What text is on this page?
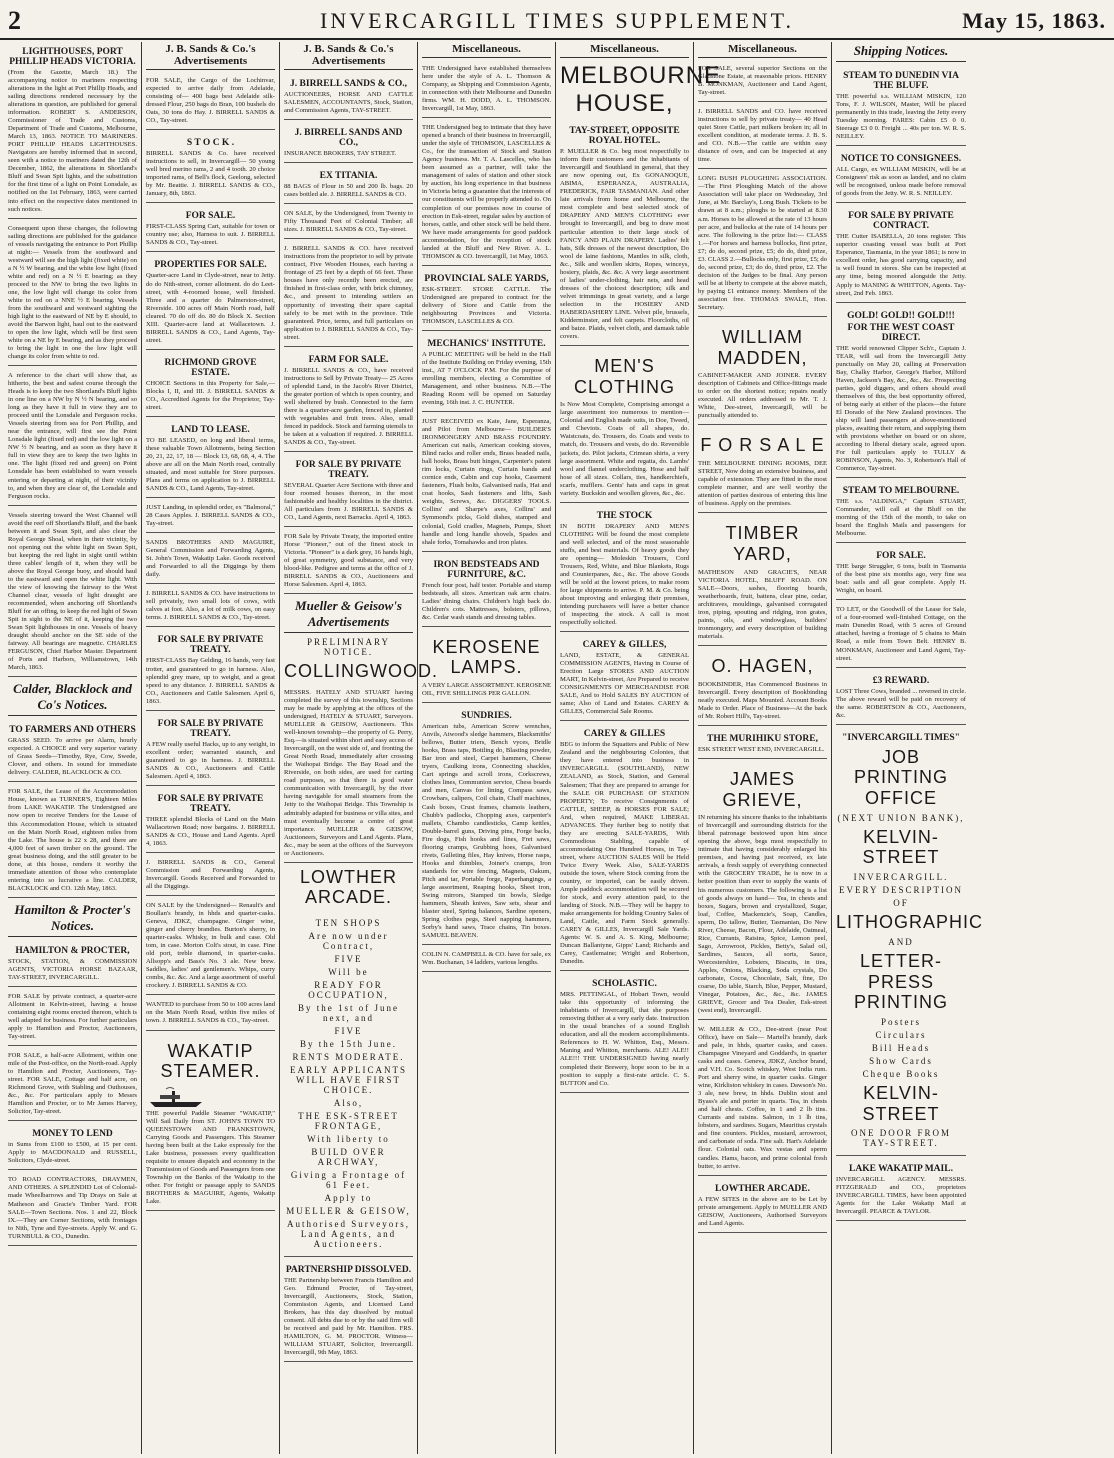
2	INVERCARGILL TIMES SUPPLEMENT.	May 15, 1863.
LIGHTHOUSES, PORT PHILLIP HEADS VICTORIA.
(From the Gazette, March 18.) The accompanying notice to mariners respecting alterations in the light at Port Phillip Heads, and sailing directions rendered necessary by the alterations in question, are published for general information. ROBERT S. ANDERSON, Commissioner of Trade and Customs, Department of Trade and Customs, Melbourne, March 13, 1863. NOTICE TO MARINERS. PORT PHILLIP HEADS LIGHTHOUSES. Navigators are hereby informed that in second, seen with a notice to mariners dated the 12th of December, 1862, the alterations in Shortland's Bluff and Swan Spit lights, and the substitution for the first time of a light on Point Lonsdale, as notified on the 1st February, 1863, were carried into effect on the respective dates mentioned in such notices.
Consequent upon these changes, the following sailing directions are published for the guidance of vessels navigating the entrance to Port Phillip at night:— Vessels from the southward and westward will see the high light (fixed white) on a N ½ W bearing, and the white low light (fixed white and red) on a N ½ E bearing; as they proceed to the NW to bring the two lights in one, the low light will change its color from white to red on a NNE ½ E bearing. Vessels from the southward and westward sighting the high light to the eastward of NE by E should, to avoid the Barwon light, haul out to the eastward to open the low light, which will be first seen white on a NE by E bearing, and as they proceed to bring the light in one the low light will change its color from white to red.
A reference to the chart will show that, as hitherto, the best and safest course through the Heads is to keep the two Shortland's Bluff lights in one line on a NW by N ½ N bearing, and so long as they have it full in view they are to proceed until the Lonsdale and Ferguson rocks. Vessels steering from sea for Port Phillip, and near the entrance, will first see the Point Lonsdale light (fixed red) and the low light on a NW ½ N bearing, and as soon as they have it full in view they are to keep the two lights in one. The light (fixed red and green) on Point Lonsdale has been established to warn vessels entering or departing at night, of their vicinity to, and when they are clear of, the Lonsdale and Ferguson rocks.
Vessels steering toward the West Channel will avoid the reef off Shortland's Bluff, and the bank between it and Swan Spit, and also clear the Royal George Shoal, when in their vicinity, by not opening out the white light on Swan Spit, but keeping the red light in sight until within three cables' length of it, when they will be above the Royal George buoy, and should haul to the eastward and open the white light. With the view of knowing the fairway to the West Channel clear, vessels of light draught are recommended, when anchoring off Shortland's Bluff for an offing, to keep the red light of Swan Spit in sight to the NE of it, keeping the two Swan Spit lighthouses in one. Vessels of heavy draught should anchor on the SE side of the fairway. All bearings are magnetic. CHARLES FERGUSON, Chief Harbor Master. Department of Ports and Harbors, Williamstown, 14th March, 1863.
Calder, Blacklock and Co's Notices.
TO FARMERS AND OTHERS
GRASS SEED. To arrive per Alarm, hourly expected. A CHOICE and very superior variety of Grass Seeds—Timothy, Rye, Cow, Swede, Clover, and others. In sound for immediate delivery. CALDER, BLACKLOCK & CO.
FOR SALE, the Lease of the Accommodation House, known as TURNER'S, Eighteen Miles from LAKE WAKATIP. The Undersigned are now open to receive Tenders for the Lease of this Accommodation House, which is situated on the Main North Road, eighteen miles from the Lake. The house is 22 x 28, and there are 4,000 feet of sawn timber on the ground. The great business doing, and the still greater to be done, at this house, renders it worthy the immediate attention of those who contemplate entering into so lucrative a line. CALDER, BLACKLOCK and CO. 12th May, 1863.
Hamilton & Procter's Notices.
HAMILTON & PROCTER,
STOCK, STATION, & COMMISSION AGENTS, VICTORIA HORSE BAZAAR, TAY-STREET, INVERCARGILL.
FOR SALE by private contract, a quarter-acre Allotment in Kelvin-street, having a house containing eight rooms erected thereon, which is well adapted for business. For further particulars apply to Hamilton and Proctor, Auctioneers, Tay-street.
FOR SALE, a half-acre Allotment, within one mile of the Post-office, on the North-road. Apply to Hamilton and Procter, Auctioneers, Tay-street. FOR SALE, Cottage and half acre, on Richmond Grove, with Stabling and Outhouses, &c., &c. For particulars apply to Messrs Hamilton and Procter, or to Mr James Harvey, Solicitor, Tay-street.
MONEY TO LEND
in Sums from £100 to £500, at 15 per cent. Apply to MACDONALD and RUSSELL, Solicitors, Clyde-street.
TO ROAD CONTRACTORS, DRAYMEN, AND OTHERS. A SPLENDID Lot of Colonial-made Wheelbarrows and Tip Drays on Sale at Matheson and Gracie's Timber Yard. FOR SALE—Town Sections. Nos. 1 and 22, Block IX.—They are Corner Sections, with frontages to Nith, Tyne and Eye-streets. Apply W. and G. TURNBULL & CO., Dunedin.
J. B. Sands & Co.'s Advertisements
FOR SALE, the Cargo of the Lochinvar, expected to arrive daily from Adelaide, consisting of— 400 bags best Adelaide silk-dressed Flour, 250 bags do Bran, 100 bushels do Oats, 30 tons do Hay. J. BIRRELL SANDS & CO., Tay-street.
S T O C K .
BIRRELL SANDS & Co. have received instructions to sell, in Invercargill— 50 young well bred merino rams, 2 and 4 tooth. 20 choice imported rams, of Bell's flock, Geelong, selected by Mr. Beattie. J. BIRRELL SANDS & CO., January, 8th, 1863.
FOR SALE.
FIRST-CLASS Spring Cart, suitable for town or country use; also, Harness to suit. J. BIRRELL SANDS & CO., Tay-street.
PROPERTIES FOR SALE.
Quarter-acre Land in Clyde-street, near to Jetty. do do Nith-street, corner allotment. do do Leet-street, with 4-roomed house, well finished. Three and a quarter do Palmerston-street, Riverside. 100 acres off Main North road, half cleared. 70 do off do. 80 do Block X. Section XIII. Quarter-acre land at Wallacetown. J. BIRRELL SANDS & CO., Land Agents, Tay-street.
RICHMOND GROVE ESTATE.
CHOICE Sections in this Property for Sale,— Blocks I, II, and III. J. BIRRELL SANDS & CO., Accredited Agents for the Proprietor, Tay-street.
LAND TO LEASE.
TO BE LEASED, on long and liberal terms, these valuable Town Allotments, being Section 20, 21, 22, 17, 18 — Block 13, 68, 68, 4, 4. The above are all on the Main North road, centrally situated, and most suitable for Store purposes. Plans and terms on application to J. BIRRELL SANDS & CO., Land Agents, Tay-street.
JUST Landing, in splendid order, ex "Balmoral," 28 Cases Apples. J. BIRRELL SANDS & CO., Tay-street.
SANDS BROTHERS AND MAGUIRE, General Commission and Forwarding Agents, St. John's Town, Wakatip Lake. Goods received and Forwarded to all the Diggings by them daily.
J. BIRRELL SANDS & CO. have instructions to sell privately, two small lots of cows, with calves at foot. Also, a lot of milk cows, on easy terms. J. BIRRELL SANDS & CO., Tay-street.
FOR SALE BY PRIVATE TREATY.
FIRST-CLASS Bay Gelding, 16 hands, very fast trotter, and guaranteed to go in harness. Also, splendid grey mare, up to weight, and a great speed to any distance. J. BIRRELL SANDS & CO., Auctioneers and Cattle Salesmen. April 6, 1863.
FOR SALE BY PRIVATE TREATY.
A FEW really useful Hacks, up to any weight, in excellent order; warranted staunch, and guaranteed to go in harness. J. BIRRELL SANDS & CO., Auctioneers and Cattle Salesmen. April 4, 1863.
FOR SALE BY PRIVATE TREATY.
THREE splendid Blocks of Land on the Main Wallacetown Road; now bargains. J. BIRRELL SANDS & CO., House and Land Agents. April 4, 1863.
J. BIRRELL SANDS & CO., General Commission and Forwarding Agents, Invercargill. Goods Received and Forwarded to all the Diggings.
ON SALE by the Undersigned— Renault's and Boullan's brandy, in hhds and quarter-casks. Geneva, JDKZ, champagne. Ginger wine, ginger and cherry brandies. Burton's sherry, in quarter-casks. Whisky, in bulk and case. Old tom, in case. Morton Colt's stout, in case. Fine old port, treble diamond, in quarter-casks. Allsopp's and Bass's No. 3 ale. New brew. Saddles, ladies' and gentlemen's. Whips, curry combs, &c. &c. And a large assortment of useful crockery. J. BIRRELL SANDS & CO.
WANTED to purchase from 50 to 100 acres land on the Main North Road, within five miles of town. J. BIRRELL SANDS & CO., Tay-street.
WAKATIP STEAMER.
THE powerful Paddle Steamer "WAKATIP," Will Sail Daily from ST. JOHN'S TOWN TO QUEENSTOWN AND FRANKSTOWN, Carrying Goods and Passengers. This Steamer having been built at the Lake expressly for the Lake business, possesses every qualification requisite to ensure dispatch and economy in the Transmission of Goods and Passengers from one Township on the Banks of the Wakatip to the other. For freight or passage apply to SANDS BROTHERS & MAGUIRE, Agents, Wakatip Lake.
J. B. Sands & Co.'s Advertisements
J. BIRRELL SANDS & CO.,
AUCTIONEERS, HORSE AND CATTLE SALESMEN, ACCOUNTANTS, Stock, Station, and Commission Agents, TAY-STREET.
J. BIRRELL SANDS AND CO.,
INSURANCE BROKERS, TAY STREET.
EX TITANIA.
88 BAGS of Flour in 50 and 200 lb. bags. 20 cases bottled ale. J. BIRRELL SANDS & CO.
ON SALE, by the Undersigned, from Twenty to Fifty Thousand Feet of Colonial Timber; all sizes. J. BIRRELL SANDS & CO., Tay-street.
J. BIRRELL SANDS & CO. have received instructions from the proprietor to sell by private contract, Five Wooden Houses, each having a frontage of 25 feet by a depth of 66 feet. These houses have only recently been erected, are finished in first-class order, with brick chimney, &c., and present to intending settlers an opportunity of investing their spare capital safely to be met with in the province. Title guaranteed. Price, terms, and full particulars on application to J. BIRRELL SANDS & CO., Tay-street.
FARM FOR SALE.
J. BIRRELL SANDS & CO., have received instructions to Sell by Private Treaty— 25 Acres of splendid Land, in the Jacob's River District, the greater portion of which is open country, and well sheltered by bush. Connected to the farm there is a quarter-acre garden, fenced in, planted with vegetables and fruit trees. Also, small fenced in paddock. Stock and farming utensils to be taken at a valuation if required. J. BIRRELL SANDS & CO., Tay-street.
FOR SALE BY PRIVATE TREATY.
SEVERAL Quarter Acre Sections with three and four roomed houses thereon, in the most fashionable and healthy localities in the district. All particulars from J. BIRRELL SANDS & CO., Land Agents, next Barracks. April 4, 1863.
FOR Sale by Private Treaty, the imported entire Horse "Pioneer," out of the finest stock in Victoria. "Pioneer" is a dark grey, 16 hands high, of great symmetry, good substance, and very blood-like. Pedigree and terms at the office of J. BIRRELL SANDS & CO., Auctioneers and Horse Salesmen. April 4, 1863.
Mueller & Geisow's Advertisements
PRELIMINARY NOTICE.
COLLINGWOOD.
MESSRS. HATELY AND STUART having completed the survey of this township, Sections may be made by applying at the offices of the undersigned, HATELY & STUART, Surveyors. MUELLER & GEISOW, Auctioneers. This well-known township—the property of G. Perry, Esq.—is situated within short and easy access of Invercargill, on the west side of, and fronting the Great North Road, immediately after crossing the Waihopai Bridge. The Bay Road and the Riverside, on both sides, are used for carting road purposes, so that there is good water communication with Invercargill, by the river having navigable for small steamers from the Jetty to the Waihopai Bridge. This Township is admirably adapted for business or villa sites, and must eventually become a centre of great importance. MUELLER & GEISOW, Auctioneers, Surveyors and Land Agents. Plans, &c., may be seen at the offices of the Surveyors or Auctioneers.
LOWTHER ARCADE.
TEN SHOPS
Are now under Contract,
FIVE
Will be
READY FOR OCCUPATION,
By the 1st of June next, and
FIVE
By the 15th June.
RENTS MODERATE.
EARLY APPLICANTS WILL HAVE FIRST CHOICE.
Also,
THE ESK-STREET FRONTAGE,
With liberty to
BUILD OVER ARCHWAY,
Giving a Frontage of 61 Feet.
Apply to
MUELLER & GEISOW,
Authorised Surveyors, Land Agents, and Auctioneers.
PARTNERSHIP DISSOLVED.
THE Partnership between Francis Hamilton and Geo. Edmund Procter, of Tay-street, Invercargill, Auctioneers, Stock, Station, Commission Agents, and Licensed Land Brokers, has this day dissolved by mutual consent. All debts due to or by the said firm will be received and paid by Mr. Hamilton. FRS. HAMILTON, G. M. PROCTOR. Witness—WILLIAM STUART, Solicitor, Invercargill. Invercargill, 9th May, 1863.
Miscellaneous.
THE Undersigned have established themselves here under the style of A. L. Thomson & Company, as Shipping and Commission Agents, in connection with their Melbourne and Dunedin firms. WM. H. DODD, A. L. THOMSON. Invercargill, 1st May, 1863.
THE Undersigned beg to intimate that they have opened a branch of their business in Invercargill, under the style of THOMSON, LASCELLES & Co., for the transaction of Stock and Station Agency business. Mr. T. A. Lascelles, who has been assumed as a partner, will take the management of sales of station and other stock by auction, his long experience in that business in Victoria being a guarantee that the interests of our constituents will be properly attended to. On completion of our premises now in course of erection in Esk-street, regular sales by auction of horses, cattle, and other stock will be held there. We have made arrangements for good paddock accommodation, for the reception of stock landed at the Bluff and New River. A. L. THOMSON & CO. Invercargill, 1st May, 1863.
PROVINCIAL SALE YARDS,
ESK-STREET. STORE CATTLE. The Undersigned are prepared to contract for the delivery of Store and Cattle from the neighbouring Provinces and Victoria. THOMSON, LASCELLES & CO.
MECHANICS' INSTITUTE.
A PUBLIC MEETING will be held in the Hall of the Institute Building on Friday evening, 15th inst., AT 7 O'CLOCK P.M. For the purpose of enrolling members, electing a Committee of Management, and other business. N.B.—The Reading Room will be opened on Saturday evening, 16th inst. J. C. HUNTER.
JUST RECEIVED ex Kate, Jane, Esperanza, and Pilot from Melbourne— BUILDER'S IRONMONGERY AND BRASS FOUNDRY. American cut nails, American cooking stoves, Blind racks and roller ends, Brass headed nails, ball hooks, Brass butt hinges, Carpenter's patent rim locks, Curtain rings, Curtain bands and cornice ends, Cabin and cup hooks, Casement fasteners, Flush bolts, Galvanised nails, Hat and coat hooks, Sash fasteners and lifts, Sash weights, Screws, &c. DIGGERS' TOOLS. Collins' and Sharpe's axes, Collins' and Symmond's picks, Gold dishes, stamped and colonial, Gold cradles, Magnets, Pumps, Short handle and long handle shovels, Spades and shale forks, Tomahawks and iron plates.
IRON BEDSTEADS AND FURNITURE, &C.
French four post, half tester. Portable and stump bedsteads, all sizes. American oak arm chairs. Ladies' dining chairs. Children's high back do. Children's cots. Mattresses, bolsters, pillows, &c. Cedar wash stands and dressing tables.
KEROSENE LAMPS.
A VERY LARGE ASSORTMENT. KEROSENE OIL, FIVE SHILLINGS PER GALLON.
SUNDRIES.
American tubs, American Screw wrenches, Anvils, Atwood's sledge hammers, Blacksmiths' bellows, Butter triers, Bench vyces, Bridle hooks, Brass taps, Bottling do, Blasting powder, Bar iron and steel, Carpet hammers, Cheese tryers, Caulking irons, Connecting shackles, Cart springs and scroll irons, Corkscrews, clothes lines, Communion service, Chess boards and men, Canvas for lining, Compass saws, Crowbars, calipers, Coil chain, Chaff machines, Cash boxes, Crust frames, chamois leathers, Chubb's padlocks, Chopping axes, carpenter's mallets, Chambo candlesticks, Camp kettles, Double-barrel guns, Driving pins, Forge backs, Fire dogs, Fish hooks and lines, Fret saws, flooring cramps, Grubbing hoes, Galvanised rivets, Gulleting files, Hay knives, Horse rasps, Hooks and thimbles, Joiner's cramps, Iron standards for wire fencing, Magnets, Oakum, Pitch and tar, Portable forge, Paperhangings, a large assortment, Reaping hooks, Sheet iron, Swing mirrors, Stamped tin bowls, Sledge hammers, Sheath knives, Saw sets, shear and blaster steel, Spring balances, Sardine openers, Spring clothes pegs, Steel napping hammers, Sorby's hand saws, Trace chains, Tin boxes. SAMUEL BEAVEN.
COLIN N. CAMPBELL & CO. have for sale, ex Wm. Buchanan, 14 ladders, various lengths.
Miscellaneous.
MELBOURNE HOUSE,
TAY-STREET, OPPOSITE ROYAL HOTEL.
P. MUELLER & Co. beg most respectfully to inform their customers and the inhabitants of Invercargill and Southland in general, that they are now opening out, Ex GONANOQUE, ABIMA, ESPERANZA, AUSTRALIA, FREDERICK, FAIR TASMANIAN. And other late arrivals from home and Melbourne, the most complete and best selected stock of DRAPERY AND MEN'S CLOTHING ever brought to Invercargill, and beg to draw most particular attention to their large stock of FANCY AND PLAIN DRAPERY. Ladies' felt hats, Silk dresses of the newest description, Do wool de laine fashions, Mantles in silk, cloth, &c., Silk and woollen skirts, Ropes, winceys, hosiery, plaids, &c. &c. A very large assortment of ladies' under-clothing, hair nets, and head dresses of the choicest description; silk and velvet trimmings in great variety, and a large selection in the HOSIERY AND HABERDASHERY LINE. Velvet pile, brussels, Kidderminster, and felt carpets. Floorcloths, oil and baize. Plaids, velvet cloth, and damask table covers.
MEN'S CLOTHING
Is Now Most Complete, Comprising amongst a large assortment too numerous to mention— Colonial and English made suits, in Doe, Tweed, and Cheviots. Coats of all shapes, do. Waistcoats, do. Trousers, do. Coats and vests to match, do. Trousers and vests, do do. Reversible jackets, do. Pilot jackets, Crimean shirts, a very large assortment. White and regatta, do. Lambs' wool and flannel underclothing. Hose and half hose of all sizes. Collars, ties, handkerchiefs, scarfs, mufflers. Gents' hats and caps in great variety. Buckskin and woollen gloves, &c., &c.
THE STOCK
IN BOTH DRAPERY AND MEN'S CLOTHING Will be found the most complete and well selected, and of the most seasonable stuffs, and best materials. Of heavy goods they are opening— Moleskin Trousers, Cord Trousers, Red, White, and Blue Blankets, Rugs and Counterpanes, &c., &c. The above Goods will be sold at the lowest prices, to make room for large shipments to arrive. P. M. & Co. being about improving and enlarging their premises, intending purchasers will have a better chance of inspecting the stock. A call is most respectfully solicited.
CAREY & GILLES,
LAND, ESTATE, & GENERAL COMMISSION AGENTS, Having in Course of Erection Large STORES AND AUCTION MART, In Kelvin-street, Are Prepared to receive CONSIGNMENTS OF MERCHANDISE FOR SALE, And to Hold SALES BY AUCTION of same; Also of Land and Estates. CAREY & GILLES, Commercial Sale Rooms.
CAREY & GILLES
BEG to inform the Squatters and Public of New Zealand and the neighbouring Colonies, that they have entered into business in INVERCARGILL (SOUTHLAND), NEW ZEALAND, as Stock, Station, and General Salesmen; That they are prepared to arrange for the SALE OR PURCHASE OF STATION PROPERTY; To receive Consignments of CATTLE, SHEEP, & HORSES FOR SALE; And, when required, MAKE LIBERAL ADVANCES. They further beg to notify that they are erecting SALE-YARDS, With Commodious Stabling, capable of accommodating One Hundred Horses, in Tay-street, where AUCTION SALES Will be Held Twice Every Week. Also, SALE-YARDS outside the town, where Stock coming from the country, or imported, can be easily driven. Ample paddock accommodation will be secured for stock, and every attention paid, to the landing of Stock. N.B.—They will be happy to make arrangements for holding Country Sales of Land, Cattle, and Farm Stock generally. CAREY & GILLES, Invercargill Sale Yards. Agents: W. S. and A. S. King, Melbourne; Duncan Ballantyne, Gipps' Land; Richards and Carey, Castlemaine; Wright and Robertson, Dunedin.
SCHOLASTIC.
MRS. PETTINGAL, of Hobart Town, would take this opportunity of informing the inhabitants of Invercargill, that she purposes removing thither at a very early date. Instruction in the usual branches of a sound English education, and all the modern accomplishments. References to H. W. Whitton, Esq., Messrs. Maning and Whitton, merchants. ALE! ALE!! ALE!!! THE UNDERSIGNED having nearly completed their Brewery, hope soon to be in a position to supply a first-rate article. C. S. BUTTON and Co.
Miscellaneous.
FOR SALE, several superior Sections on the Gladstone Estate, at reasonable prices. HENRY B. MONKMAN, Auctioneer and Land Agent, Tay-street.
J. BIRRELL SANDS and CO. have received instructions to sell by private treaty— 40 Head quiet Store Cattle, part milkers broken in; all in excellent condition, at moderate terms. J. B. S. and CO. N.B.—The cattle are within easy distance of own, and can be inspected at any time.
LONG BUSH PLOUGHING ASSOCIATION.—The First Ploughing Match of the above Association will take place on Wednesday, 3rd June, at Mr. Barclay's, Long Bush. Tickets to be drawn at 8 a.m.; ploughs to be started at 8.30 a.m. Horses to be allowed at the rate of 13 hours per acre, and bullocks at the rate of 14 hours per acre. The following is the prize list:— CLASS 1.—For horses and harness bullocks, first prize, £7; do do, second prize, £5; do do, third prize, £3. CLASS 2.—Bullocks only, first prize, £5; do do, second prize, £3; do do, third prize, £2. The decision of the Judges to be final. Any person will be at liberty to compete at the above match, by paying £1 entrance money. Members of the association free. THOMAS SWALE, Hon. Secretary.
WILLIAM MADDEN,
CABINET-MAKER AND JOINER. EVERY description of Cabinets and Office-fittings made to order on the shortest notice; repairs neatly executed. All orders addressed to Mr. T. J. White, Dee-street, Invercargill, will be punctually attended to.
F O R S A L E
THE MELBOURNE DINING ROOMS, DEE STREET, Now doing an extensive business, and capable of extension. They are fitted in the most complete manner, and are well worthy the attention of parties desirous of entering this line of business. Apply on the premises.
TIMBER YARD,
MATHESON AND GRACIE'S, NEAR VICTORIA HOTEL, BLUFF ROAD. ON SALE—Doors, sashes, flooring boards, weatherboards, fruit, battens, clear pine, cedar, architraves, mouldings, galvanised corrugated iron, piping, spouting and ridging, iron grates, paints, oils, and windowglass, builders' ironmongery, and every description of building materials.
O. HAGEN,
BOOKBINDER, Has Commenced Business in Invercargill. Every description of Bookbinding neatly executed. Maps Mounted. Account Books Made to Order. Place of Business—At the back of Mr. Robert Hill's, Tay-street.
THE MURIHIKU STORE,
ESK STREET WEST END, INVERCARGILL.
JAMES GRIEVE,
IN returning his sincere thanks to the inhabitants of Invercargill and surrounding districts for the liberal patronage bestowed upon him since opening the above, begs most respectfully to intimate that having considerably enlarged his premises, and having just received, ex late arrivals, a fresh supply of everything connected with the GROCERY TRADE, he is now in a better position than ever to supply the wants of his numerous customers. The following is a list of goods always on hand— Tea, in chests and boxes, Sugars, brown and crystallized, Sugar, loaf, Coffee, Mackenzie's, Soap, Candles, sperm, Do tallow, Butter, Tasmanian, Do New River, Cheese, Bacon, Flour, Adelaide, Oatmeal, Rice, Currants, Raisins, Spice, Lemon peel, Sago, Arrowroot, Pickles, Betty's, Salad oil, Sardines, Sauces, all sorts, Sauce, Worcestershire, Lobsters, Biscuits, in tins, Apples, Onions, Blacking, Soda crystals, Do carbonate, Cocoa, Chocolate, Salt, fine, Do coarse, Do table, Starch, Blue, Pepper, Mustard, Vinegar, Potatoes, &c., &c., &c. JAMES GRIEVE, Grocer and Tea Dealer, Esk-street (west end), Invercargill.
W. MILLER & CO., Dee-street (near Post Office), have on Sale— Martell's brandy, dark and pale, in hhds, quarter casks, and cases. Champagne Vineyard and Goddard's, in quarter casks and cases. Geneva, JDKZ, Anchor brand, and V.H. Co. Scotch whiskey, West India rum. Port and sherry wine, in quarter casks. Ginger wine, Kirkliston whiskey in cases. Dawson's No. 3 ale, new brew, in hhds. Dublin stout and Byass's ale and porter in quarts. Tea, in chests and half chests. Coffee, in 1 and 2 lb tins. Currants and raisins. Salmon, in 1 lb tins, lobsters, and sardines. Sugars, Mauritius crystals and fine counters. Pickles, mustard, arrowroot, and carbonate of soda. Fine salt. Hart's Adelaide flour. Colonial oats. Wax vestas and sperm candles. Hams, bacon, and prime colonial fresh butter, to arrive.
LOWTHER ARCADE.
A FEW SITES in the above are to be Let by private arrangement. Apply to MUELLER AND GEISOW, Auctioneers, Authorised Surveyors and Land Agents.
Shipping Notices.
STEAM TO DUNEDIN VIA THE BLUFF.
THE powerful s.s. WILLIAM MISKIN, 120 Tons, F. J. WILSON, Master, Will be placed permanently in this trade, leaving the Jetty every Tuesday morning. FARES: Cabin £5 0 0. Steerage £3 0 0. Freight ... 40s per ton. W. R. S. NEILLEY.
NOTICE TO CONSIGNEES.
ALL Cargo, ex WILLIAM MISKIN, will be at Consignees' risk as soon as landed, and no claim will be recognised, unless made before removal of goods from the Jetty. W. R. S. NEILLEY.
FOR SALE BY PRIVATE CONTRACT.
THE Cutter ISABELLA, 20 tons register. This superior coasting vessel was built at Port Esperance, Tasmania, in the year 1861; is now in excellent order, has good carrying capacity, and is well found in stores. She can be inspected at any time, being moored alongside the Jetty. Apply to MANING & WHITTON, Agents. Tay-street, 2nd Feb. 1863.
GOLD! GOLD!! GOLD!!!
FOR THE WEST COAST DIRECT.
THE world renowned Clipper Sch'r., Captain J. TEAR, will sail from the Invercargill Jetty punctually on May 20, calling at Preservation Bay, Chalky Harbor, George's Harbor, Milford Haven, Jackson's Bay, &c., &c., &c. Prospecting parties, gold diggers, and others should avail themselves of this, the best opportunity offered, of being early at either of the places—the future El Dorado of the New Zealand provinces. The ship will land passengers at above-mentioned places, awaiting their return, and supplying them with provisions whether on board or on shore, according to liberal dietary scale, agreed upon. For full particulars apply to TULLY & ROBINSON, Agents, No. 3, Robertson's Hall of Commerce, Tay-street.
STEAM TO MELBOURNE.
THE s.s. "ALDINGA," Captain STUART, Commander, will call at the Bluff on the morning of the 15th of the month, to take on board the English Mails and passengers for Melbourne.
FOR SALE.
THE barge Struggler, 6 tons, built in Tasmania of the best pine six months ago, very fine sea boat: sails and all gear complete. Apply H. Wright, on board.
TO LET, or the Goodwill of the Lease for Sale, of a four-roomed well-finished Cottage, on the main Dunedin Road, with 5 acres of Ground attached, having a frontage of 5 chains to Main Road, a mile from Town Belt. HENRY B. MONKMAN, Auctioneer and Land Agent, Tay-street.
£3 REWARD.
LOST Three Cows, branded ... reversed in circle. The above reward will be paid on recovery of the same. ROBERTSON & CO., Auctioneers, &c.
"INVERCARGILL TIMES"
JOB PRINTING OFFICE
(NEXT UNION BANK),
KELVIN-STREET
INVERCARGILL.
EVERY DESCRIPTION
OF
LITHOGRAPHIC
AND
LETTER-PRESS PRINTING
Posters
Circulars
Bill Heads
Show Cards
Cheque Books
KELVIN-STREET
ONE DOOR FROM TAY-STREET.
LAKE WAKATIP MAIL.
INVERCARGILL AGENCY. MESSRS. FITZGERALD and CO., proprietors INVERCARGILL TIMES, have been appointed Agents for the Lake Wakatip Mail at Invercargill. PEARCE & TAYLOR.
